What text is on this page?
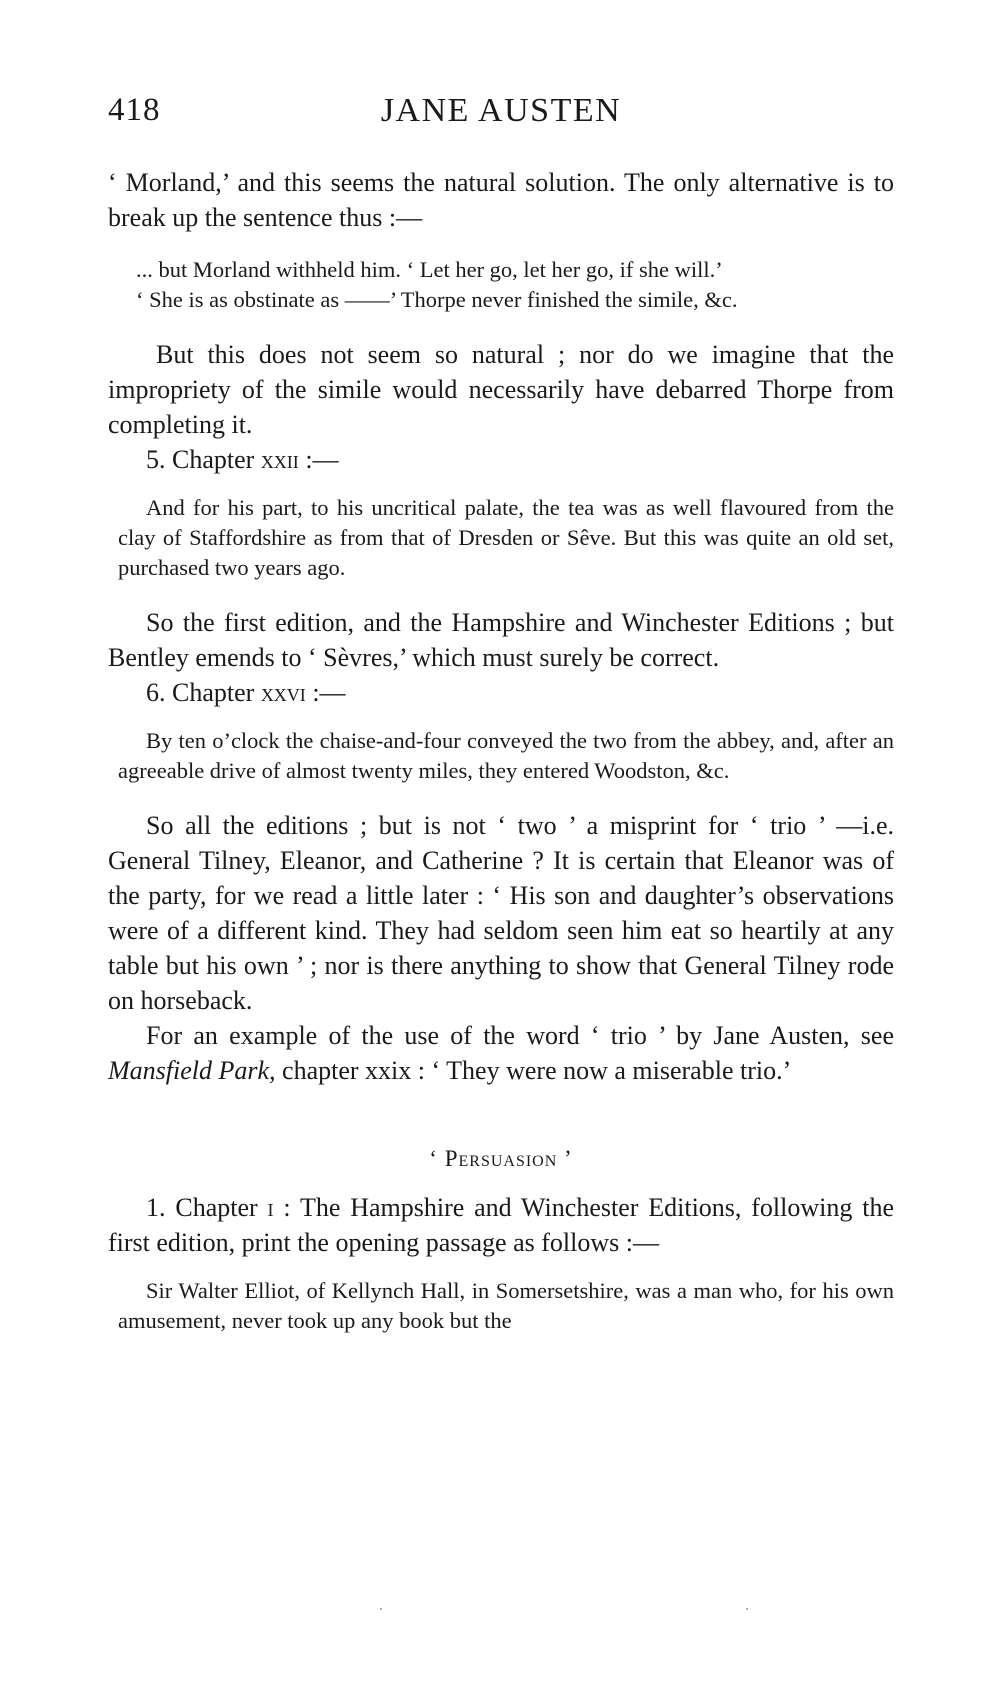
418	JANE AUSTEN

‘ Morland,’ and this seems the natural solution. The only alternative is to break up the sentence thus :—

... but Morland withheld him. ‘ Let her go, let her go, if she will.’

‘ She is as obstinate as ——’ Thorpe never finished the simile, &c.

But this does not seem so natural ; nor do we imagine that the impropriety of the simile would necessarily have debarred Thorpe from completing it.

5. Chapter xxii :—

And for his part, to his uncritical palate, the tea was as well flavoured from the clay of Staffordshire as from that of Dresden or Sêve. But this was quite an old set, purchased two years ago.

So the first edition, and the Hampshire and Winchester Editions ; but Bentley emends to ‘ Sèvres,’ which must surely be correct.

6. Chapter xxvi :—

By ten o’clock the chaise-and-four conveyed the two from the abbey, and, after an agreeable drive of almost twenty miles, they entered Woodston, &c.

So all the editions ; but is not ‘ two ’ a misprint for ‘ trio ’ —i.e. General Tilney, Eleanor, and Catherine ? It is certain that Eleanor was of the party, for we read a little later : ‘ His son and daughter’s observations were of a different kind. They had seldom seen him eat so heartily at any table but his own ’ ; nor is there anything to show that General Tilney rode on horseback.

For an example of the use of the word ‘ trio ’ by Jane Austen, see Mansfield Park, chapter xxix : ‘ They were now a miserable trio.’

‘ Persuasion ’

1. Chapter i : The Hampshire and Winchester Editions, following the first edition, print the opening passage as follows :—

Sir Walter Elliot, of Kellynch Hall, in Somersetshire, was a man who, for his own amusement, never took up any book but the
